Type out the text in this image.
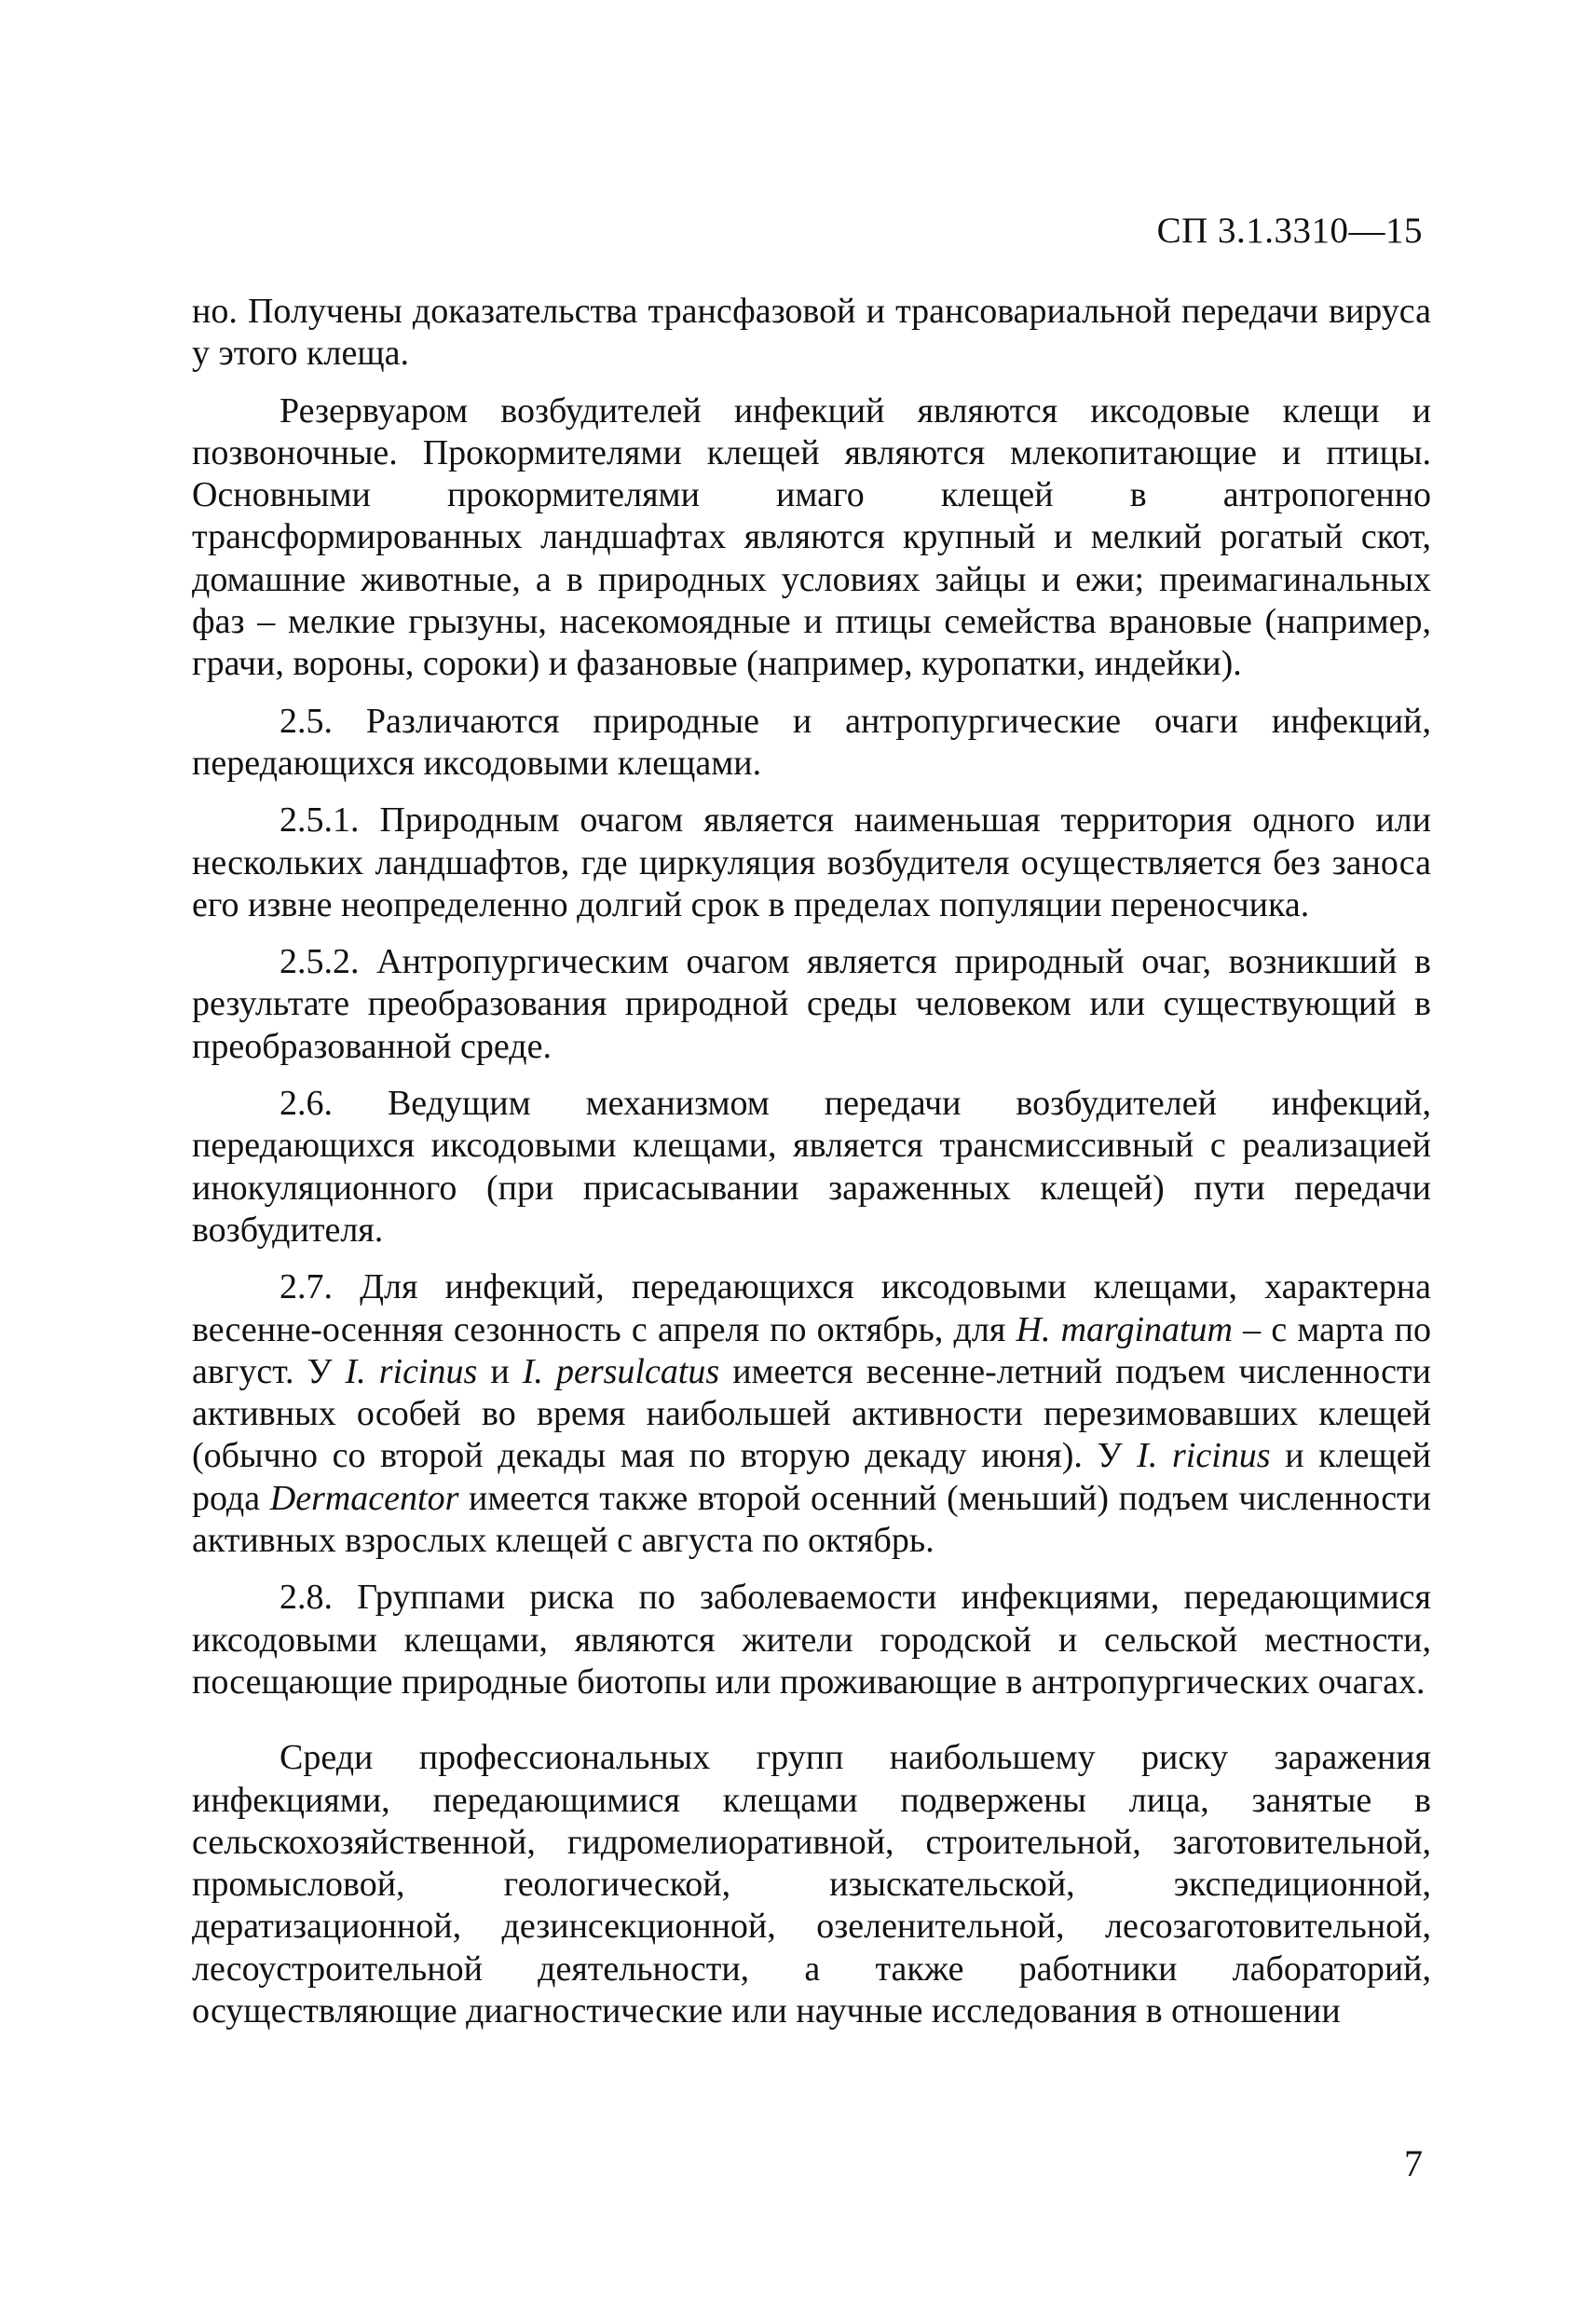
СП 3.1.3310—15

но. Получены доказательства трансфазовой и трансовариальной передачи вируса у этого клеща.

Резервуаром возбудителей инфекций являются иксодовые клещи и позвоночные. Прокормителями клещей являются млекопитающие и птицы. Основными прокормителями имаго клещей в антропогенно трансформированных ландшафтах являются крупный и мелкий рогатый скот, домашние животные, а в природных условиях зайцы и ежи; преимагинальных фаз – мелкие грызуны, насекомоядные и птицы семейства врановые (например, грачи, вороны, сороки) и фазановые (например, куропатки, индейки).

2.5. Различаются природные и антропургические очаги инфекций, передающихся иксодовыми клещами.

2.5.1. Природным очагом является наименьшая территория одного или нескольких ландшафтов, где циркуляция возбудителя осуществляется без заноса его извне неопределенно долгий срок в пределах популяции переносчика.

2.5.2. Антропургическим очагом является природный очаг, возникший в результате преобразования природной среды человеком или существующий в преобразованной среде.

2.6. Ведущим механизмом передачи возбудителей инфекций, передающихся иксодовыми клещами, является трансмиссивный с реализацией инокуляционного (при присасывании зараженных клещей) пути передачи возбудителя.

2.7. Для инфекций, передающихся иксодовыми клещами, характерна весенне-осенняя сезонность с апреля по октябрь, для H. marginatum – с марта по август. У I. ricinus и I. persulcatus имеется весенне-летний подъем численности активных особей во время наибольшей активности перезимовавших клещей (обычно со второй декады мая по вторую декаду июня). У I. ricinus и клещей рода Dermacentor имеется также второй осенний (меньший) подъем численности активных взрослых клещей с августа по октябрь.

2.8. Группами риска по заболеваемости инфекциями, передающимися иксодовыми клещами, являются жители городской и сельской местности, посещающие природные биотопы или проживающие в антропургических очагах.

Среди профессиональных групп наибольшему риску заражения инфекциями, передающимися клещами подвержены лица, занятые в сельскохозяйственной, гидромелиоративной, строительной, заготовительной, промысловой, геологической, изыскательской, экспедиционной, дератизационной, дезинсекционной, озеленительной, лесозаготовительной, лесоустроительной деятельности, а также работники лабораторий, осуществляющие диагностические или научные исследования в отношении

7
